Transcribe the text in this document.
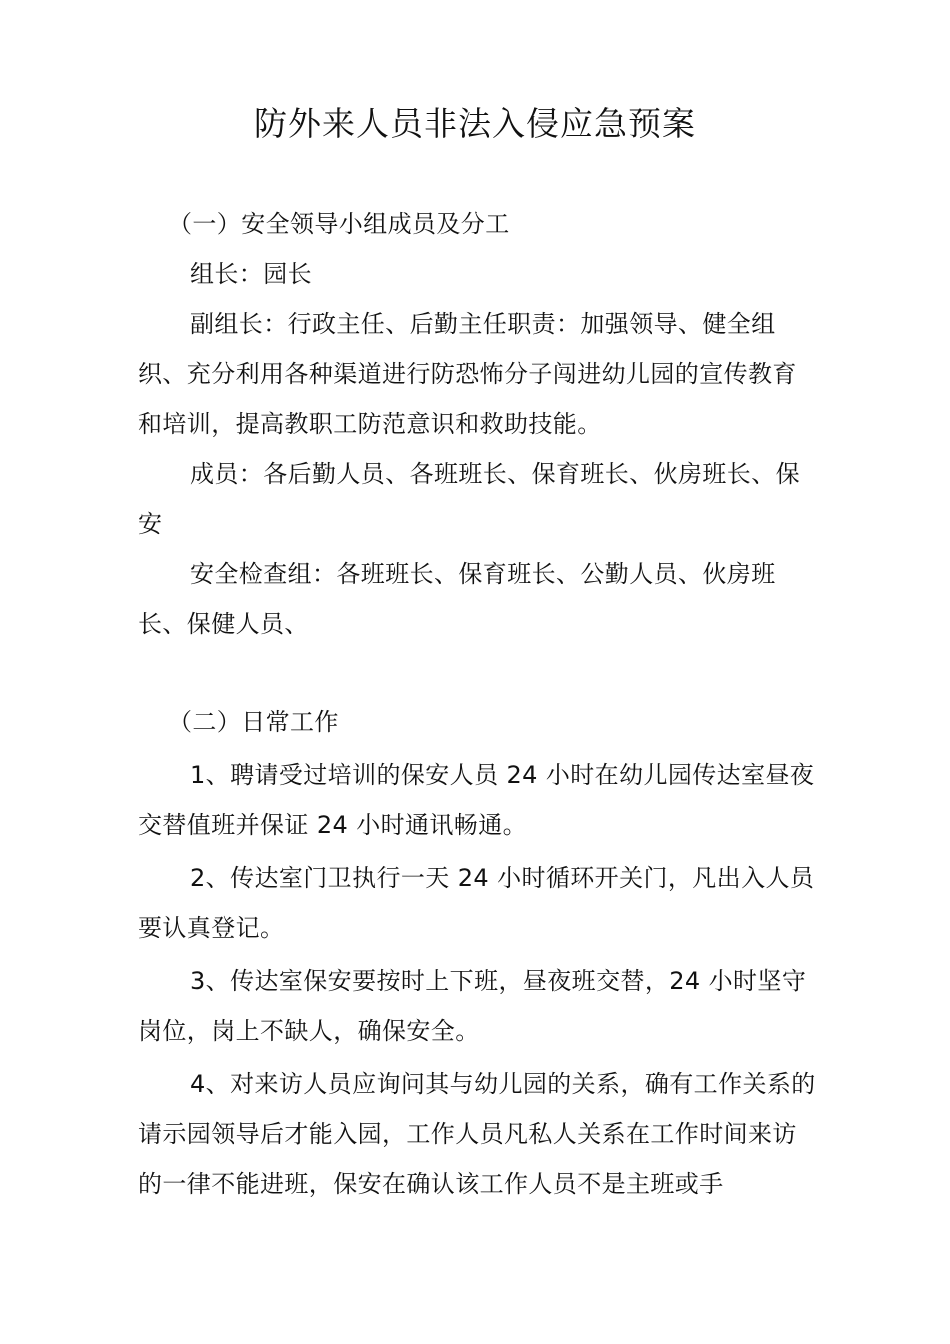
防外来人员非法入侵应急预案
（一）安全领导小组成员及分工
组长：园长
副组长：行政主任、后勤主任职责：加强领导、健全组织、充分利用各种渠道进行防恐怖分子闯进幼儿园的宣传教育和培训，提高教职工防范意识和救助技能。
成员：各后勤人员、各班班长、保育班长、伙房班长、保安
安全检查组：各班班长、保育班长、公勤人员、伙房班长、保健人员、
（二）日常工作
1、聘请受过培训的保安人员 24 小时在幼儿园传达室昼夜交替值班并保证 24 小时通讯畅通。
2、传达室门卫执行一天 24 小时循环开关门，凡出入人员要认真登记。
3、传达室保安要按时上下班，昼夜班交替，24 小时坚守岗位，岗上不缺人，确保安全。
4、对来访人员应询问其与幼儿园的关系，确有工作关系的请示园领导后才能入园，工作人员凡私人关系在工作时间来访的一律不能进班，保安在确认该工作人员不是主班或手
